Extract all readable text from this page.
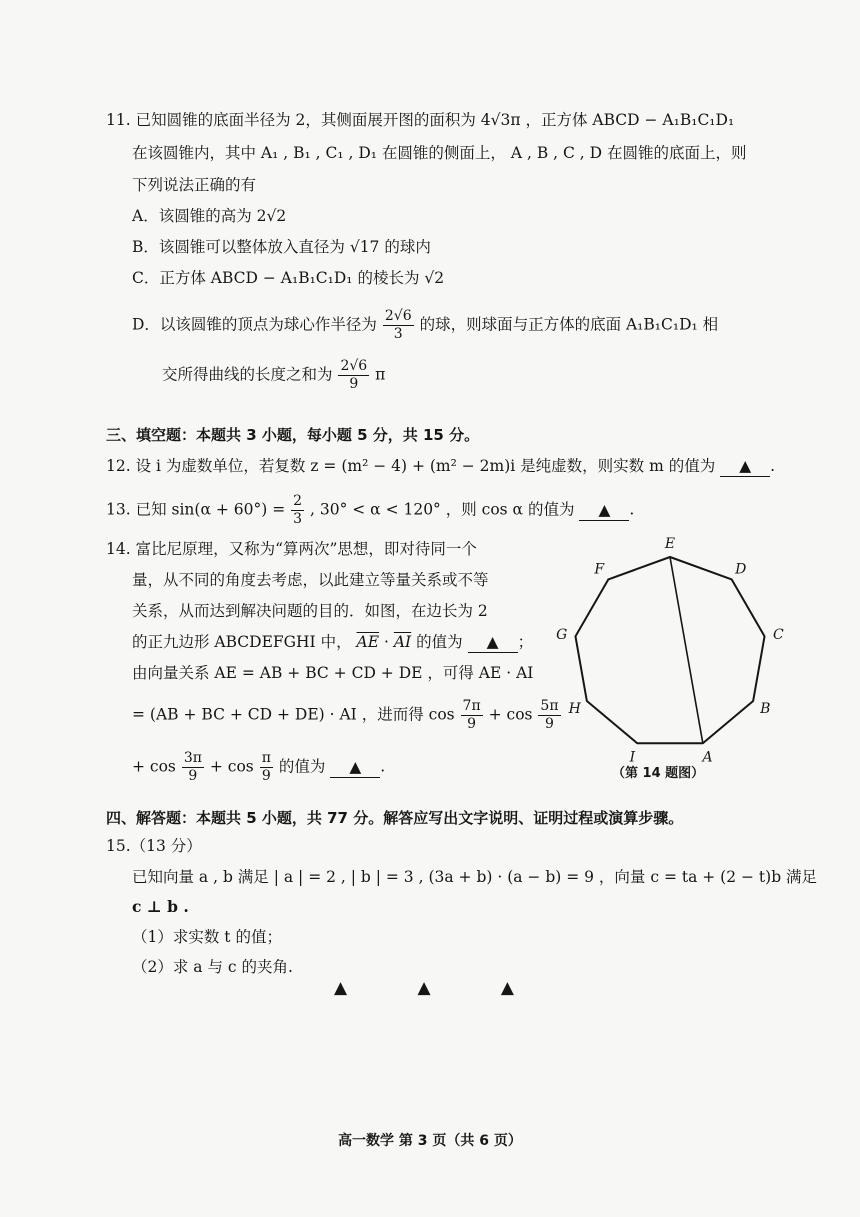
11. 已知圆锥的底面半径为 2，其侧面展开图的面积为 4√3π ，正方体 ABCD − A₁B₁C₁D₁
在该圆锥内，其中 A₁ , B₁ , C₁ , D₁ 在圆锥的侧面上， A , B , C , D 在圆锥的底面上，则
下列说法正确的有
A．该圆锥的高为 2√2
B．该圆锥可以整体放入直径为 √17 的球内
C．正方体 ABCD − A₁B₁C₁D₁ 的棱长为 √2
D．以该圆锥的顶点为球心作半径为 $\frac{2√6}{3}$ 的球，则球面与正方体的底面 A₁B₁C₁D₁ 相
交所得曲线的长度之和为 $\frac{2√6}{9}$ π
三、填空题：本题共 3 小题，每小题 5 分，共 15 分。
12. 设 i 为虚数单位，若复数 z = (m² − 4) + (m² − 2m)i 是纯虚数，则实数 m 的值为 ▲ .
13. 已知 $\sin(\alpha + 60^\circ) = \frac{2}{3}$ , 30° < α < 120° ，则 cos α 的值为 ▲ .
14. 富比尼原理，又称为“算两次”思想，即对待同一个
量，从不同的角度去考虑，以此建立等量关系或不等
关系，从而达到解决问题的目的．如图，在边长为 2
的正九边形 ABCDEFGHI 中， $\overline{AE} \cdot \overline{AI}$ 的值为 ▲ ；
由向量关系 AE = AB + BC + CD + DE ，可得 AE · AI
= (AB + BC + CD + DE) · AI ，进而得 $\cos \frac{7\pi}{9} + \cos \frac{5\pi}{9}$
+ $\cos \frac{3\pi}{9} + \cos \frac{\pi}{9}$ 的值为 ▲ .
A
B
C
D
E
F
G
H
I
（第 14 题图）
四、解答题：本题共 5 小题，共 77 分。解答应写出文字说明、证明过程或演算步骤。
15.（13 分）
已知向量 a , b 满足 | a | = 2 , | b | = 3 , (3a + b) · (a − b) = 9 ，向量 c = ta + (2 − t)b 满足
c ⊥ b .
（1）求实数 t 的值；
（2）求 a 与 c 的夹角.
▲	▲	▲
高一数学 第 3 页（共 6 页）
